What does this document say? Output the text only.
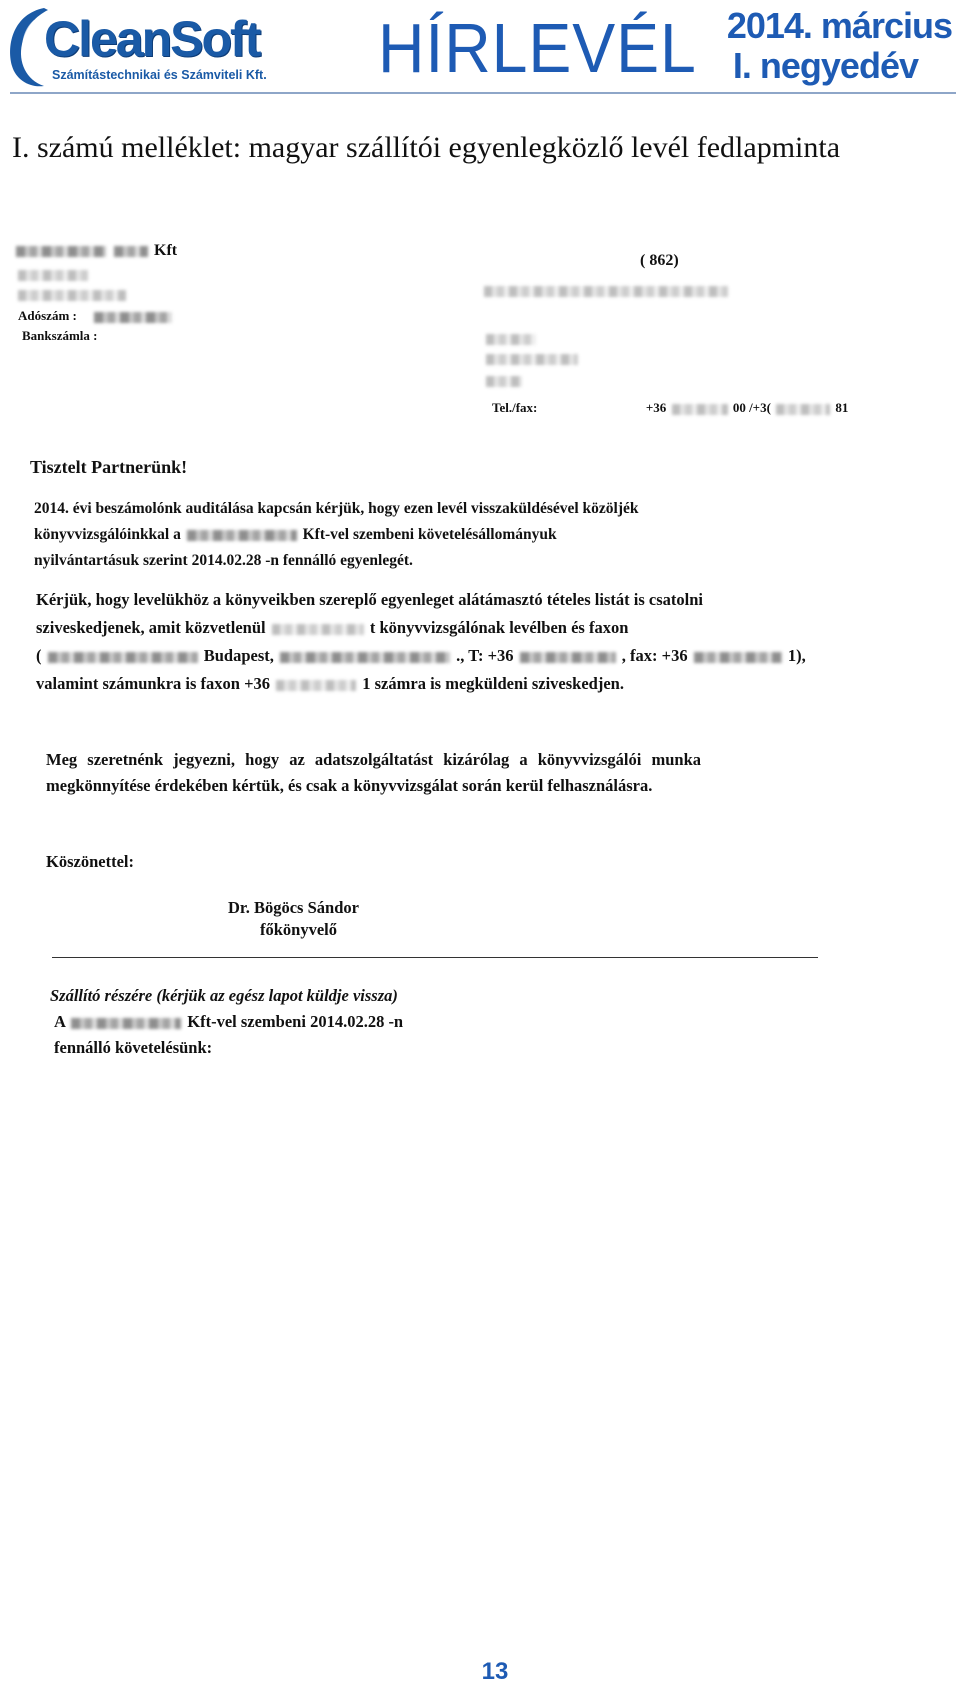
CleanSoft
Számítástechnikai és Számviteli Kft. HÍRLEVÉL 2014. március
I. negyedév
I. számú melléklet: magyar szállítói egyenlegközlő levél fedlapminta
Kft
Adószám :
Bankszámla :
( 862)
Tel./fax:	+36	00 /+3(	81
Tisztelt Partnerünk!
2014. évi beszámolónk auditálása kapcsán kérjük, hogy ezen levél visszaküldésével közöljék
könyvvizsgálóinkkal a	Kft-vel szembeni követelésállományuk
nyilvántartásuk szerint 2014.02.28 -n fennálló egyenlegét.
Kérjük, hogy levelükhöz a könyveikben szereplő egyenleget alátámasztó tételes listát is csatolni
sziveskedjenek, amit közvetlenül	t könyvvizsgálónak levélben és faxon
(	Budapest,	., T: +36	, fax: +36	1),
valamint számunkra is faxon +36	1 számra is megküldeni sziveskedjen.
Meg szeretnénk jegyezni, hogy az adatszolgáltatást kizárólag a könyvvizsgálói munka
megkönnyítése érdekében kértük, és csak a könyvvizsgálat során kerül felhasználásra.
Köszönettel:
Dr. Bögöcs Sándor
főkönyvelő
Szállító részére (kérjük az egész lapot küldje vissza)
A	Kft-vel szembeni 2014.02.28 -n
fennálló követelésünk:
13
